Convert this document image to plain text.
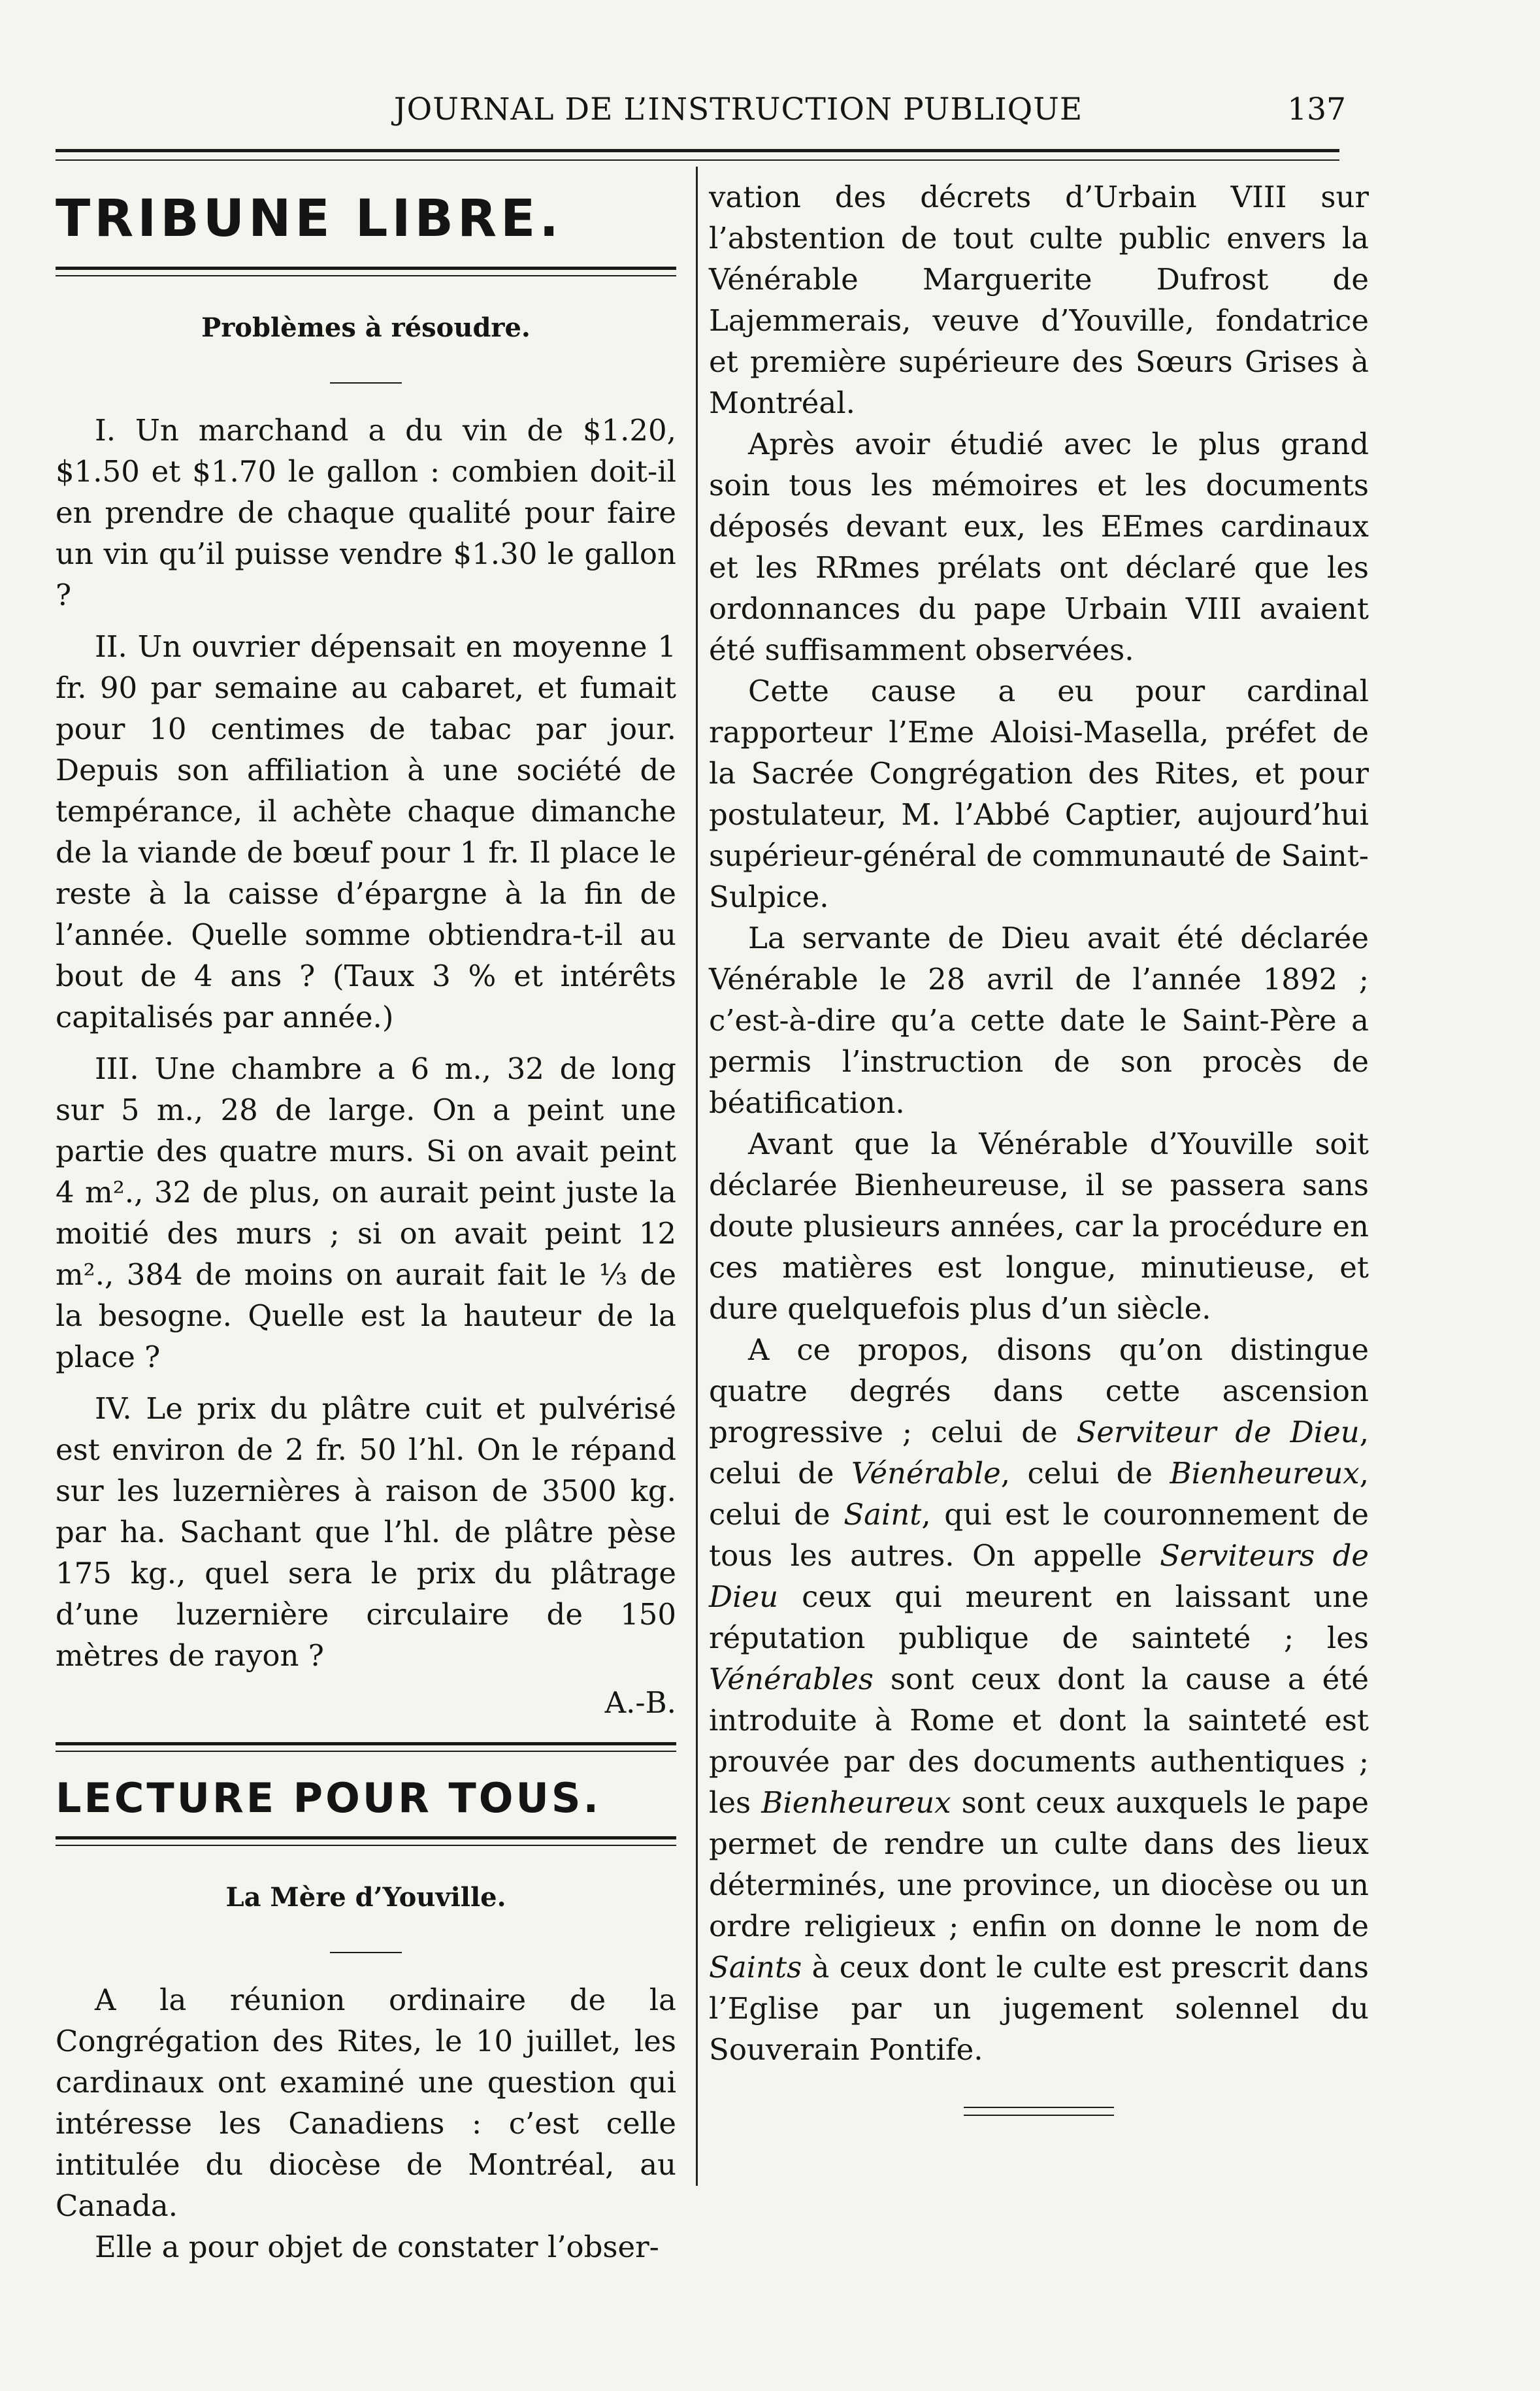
JOURNAL DE L’INSTRUCTION PUBLIQUE	137
TRIBUNE LIBRE.
Problèmes à résoudre.

I. Un marchand a du vin de $1.20, $1.50 et $1.70 le gallon : combien doit-il en prendre de chaque qualité pour faire un vin qu’il puisse vendre $1.30 le gallon ?

II. Un ouvrier dépensait en moyenne 1 fr. 90 par semaine au cabaret, et fumait pour 10 centimes de tabac par jour. Depuis son affiliation à une société de tempérance, il achète chaque dimanche de la viande de bœuf pour 1 fr. Il place le reste à la caisse d’épargne à la fin de l’année. Quelle somme obtiendra-t-il au bout de 4 ans ? (Taux 3 % et intérêts capitalisés par année.)

III. Une chambre a 6 m., 32 de long sur 5 m., 28 de large. On a peint une partie des quatre murs. Si on avait peint 4 m²., 32 de plus, on aurait peint juste la moitié des murs ; si on avait peint 12 m²., 384 de moins on aurait fait le ⅓ de la besogne. Quelle est la hauteur de la place ?

IV. Le prix du plâtre cuit et pulvérisé est environ de 2 fr. 50 l’hl. On le répand sur les luzernières à raison de 3500 kg. par ha. Sachant que l’hl. de plâtre pèse 175 kg., quel sera le prix du plâtrage d’une luzernière circulaire de 150 mètres de rayon ?

A.-B.
LECTURE POUR TOUS.
La Mère d’Youville.

A la réunion ordinaire de la Congrégation des Rites, le 10 juillet, les cardinaux ont examiné une question qui intéresse les Canadiens : c’est celle intitulée du diocèse de Montréal, au Canada.

Elle a pour objet de constater l’obser-

vation des décrets d’Urbain VIII sur l’abstention de tout culte public envers la Vénérable Marguerite Dufrost de Lajemmerais, veuve d’Youville, fondatrice et première supérieure des Sœurs Grises à Montréal.

Après avoir étudié avec le plus grand soin tous les mémoires et les documents déposés devant eux, les EEmes cardinaux et les RRmes prélats ont déclaré que les ordonnances du pape Urbain VIII avaient été suffisamment observées.

Cette cause a eu pour cardinal rapporteur l’Eme Aloisi-Masella, préfet de la Sacrée Congrégation des Rites, et pour postulateur, M. l’Abbé Captier, aujourd’hui supérieur-général de communauté de Saint-Sulpice.

La servante de Dieu avait été déclarée Vénérable le 28 avril de l’année 1892 ; c’est-à-dire qu’a cette date le Saint-Père a permis l’instruction de son procès de béatification.

Avant que la Vénérable d’Youville soit déclarée Bienheureuse, il se passera sans doute plusieurs années, car la procédure en ces matières est longue, minutieuse, et dure quelquefois plus d’un siècle.

A ce propos, disons qu’on distingue quatre degrés dans cette ascension progressive ; celui de Serviteur de Dieu, celui de Vénérable, celui de Bienheureux, celui de Saint, qui est le couronnement de tous les autres. On appelle Serviteurs de Dieu ceux qui meurent en laissant une réputation publique de sainteté ; les Vénérables sont ceux dont la cause a été introduite à Rome et dont la sainteté est prouvée par des documents authentiques ; les Bienheureux sont ceux auxquels le pape permet de rendre un culte dans des lieux déterminés, une province, un diocèse ou un ordre religieux ; enfin on donne le nom de Saints à ceux dont le culte est prescrit dans l’Eglise par un jugement solennel du Souverain Pontife.
